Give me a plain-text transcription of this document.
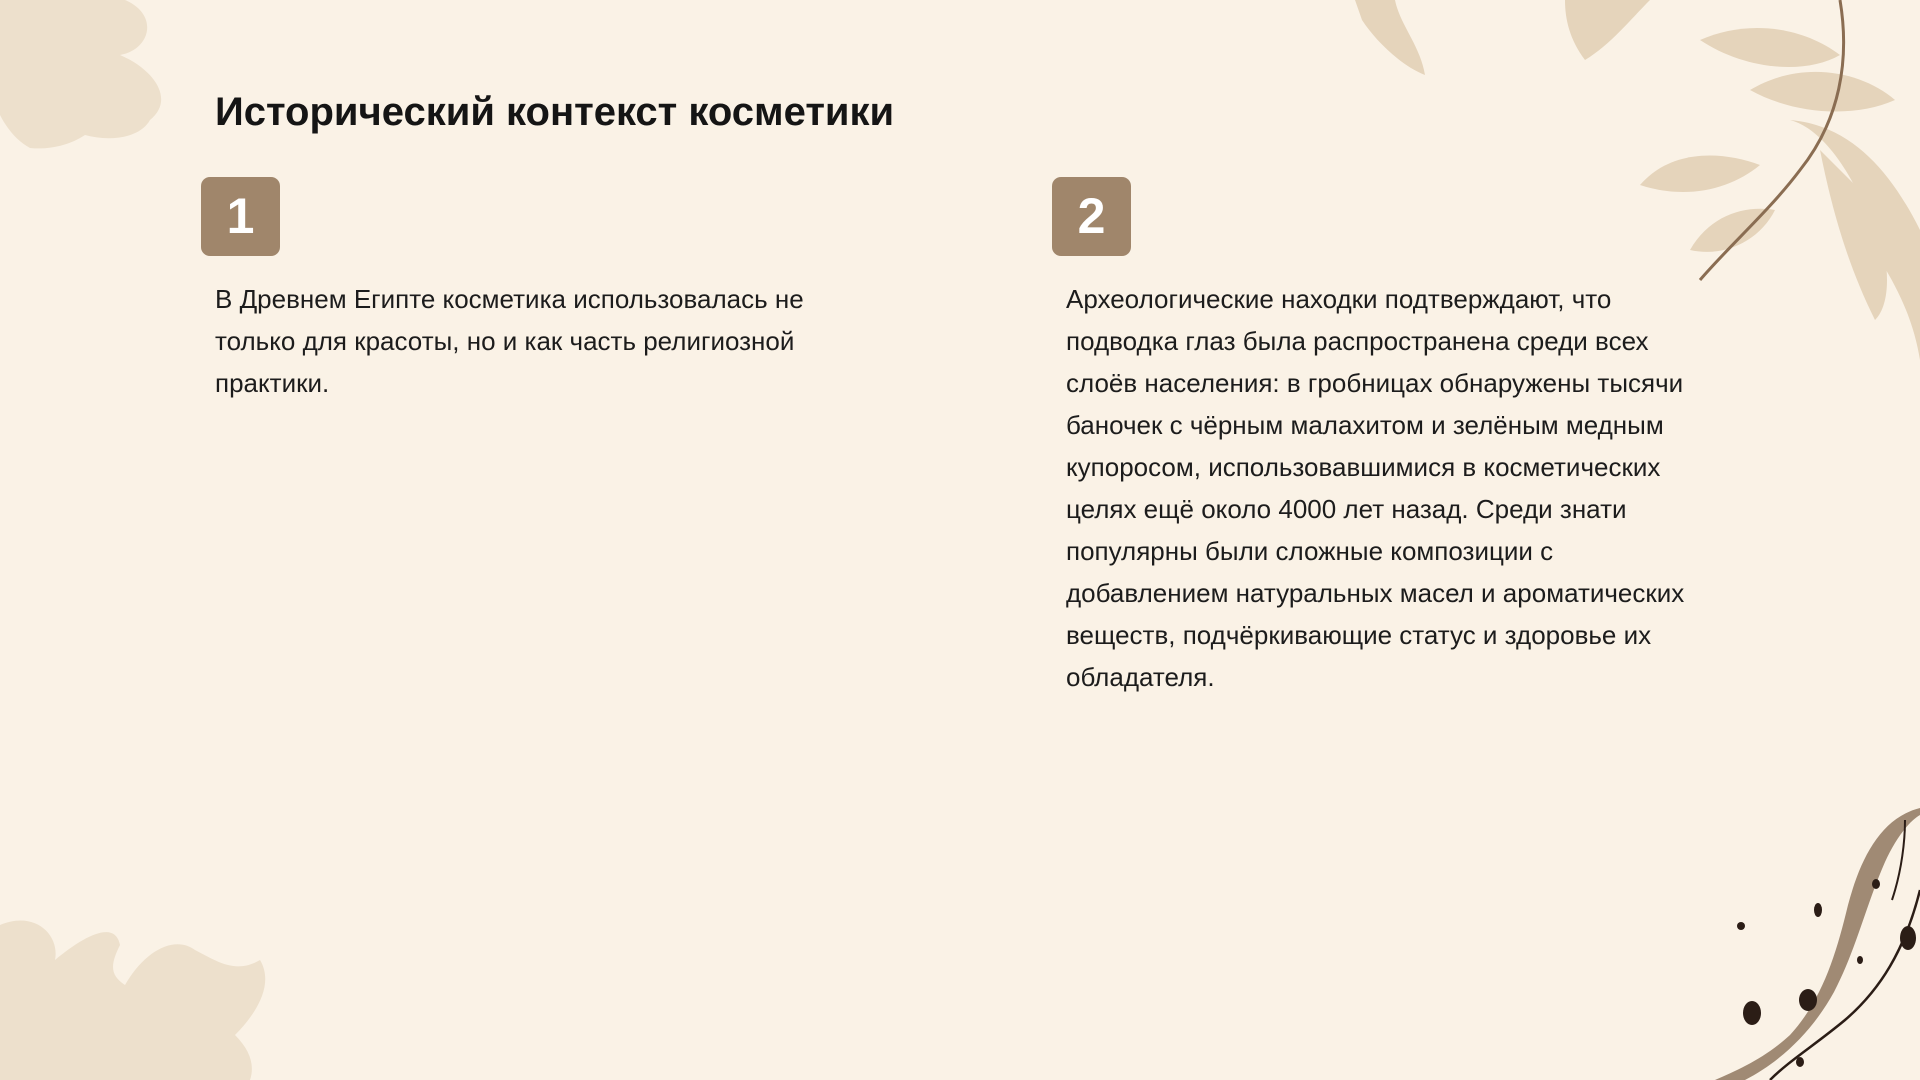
Исторический контекст косметики
1

В Древнем Египте косметика использовалась не только для красоты, но и как часть религиозной практики.

2

Археологические находки подтверждают, что подводка глаз была распространена среди всех слоёв населения: в гробницах обнаружены тысячи баночек с чёрным малахитом и зелёным медным купоросом, использовавшимися в косметических целях ещё около 4000 лет назад. Среди знати популярны были сложные композиции с добавлением натуральных масел и ароматических веществ, подчёркивающие статус и здоровье их обладателя.
